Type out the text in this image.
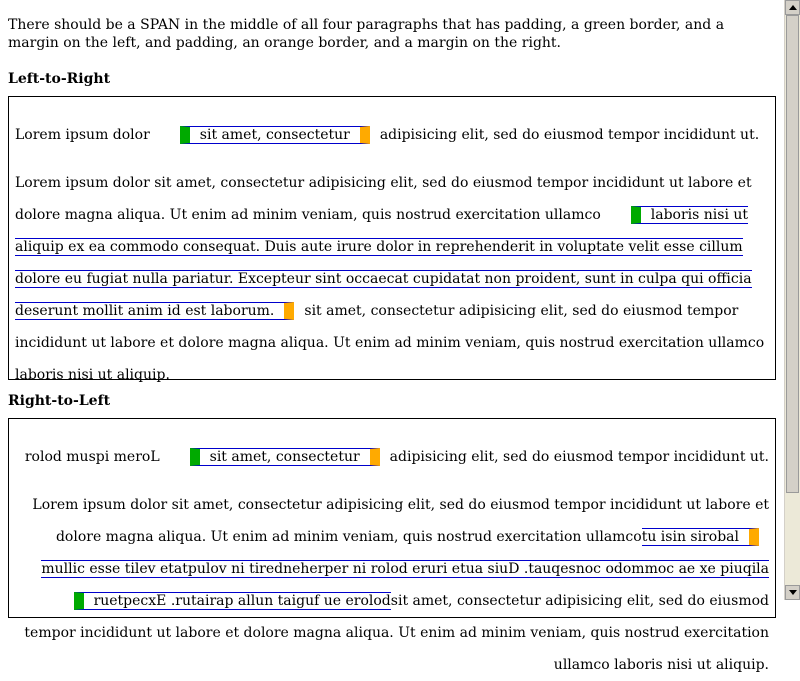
There should be a SPAN in the middle of all four paragraphs that has padding, a green border, and a margin on the left, and padding, an orange border, and a margin on the right.

Left-to-Right

Lorem ipsum dolor	sit amet, consectetur adipisicing elit, sed do eiusmod tempor incididunt ut.

Lorem ipsum dolor sit amet, consectetur adipisicing elit, sed do eiusmod tempor incididunt ut labore et dolore magna aliqua. Ut enim ad minim veniam, quis nostrud exercitation ullamco	laboris nisi ut aliquip ex ea commodo consequat. Duis aute irure dolor in reprehenderit in voluptate velit esse cillum dolore eu fugiat nulla pariatur. Excepteur sint occaecat cupidatat non proident, sunt in culpa qui officia deserunt mollit anim id est laborum. sit amet, consectetur adipisicing elit, sed do eiusmod tempor incididunt ut labore et dolore magna aliqua. Ut enim ad minim veniam, quis nostrud exercitation ullamco laboris nisi ut aliquip.

Right-to-Left

rolod muspi meroL	rutetcesnoc ,tema tis adipisicing elit, sed do eiusmod tempor incididunt ut.

Lorem ipsum dolor sit amet, consectetur adipisicing elit, sed do eiusmod tempor incididunt ut labore et dolore magna aliqua. Ut enim ad minim veniam, quis nostrud exercitation ullamcolaboris nisi ut aliquip ex ea commodo consequat. Duis aute irure dolor in reprehenderit in voluptate velit esse cillum dolore eu fugiat nulla pariatur. Excepteursit amet, consectetur adipisicing elit, sed do eiusmod tempor incididunt ut labore et dolore magna aliqua. Ut enim ad minim veniam, quis nostrud exercitation ullamco laboris nisi ut aliquip.
